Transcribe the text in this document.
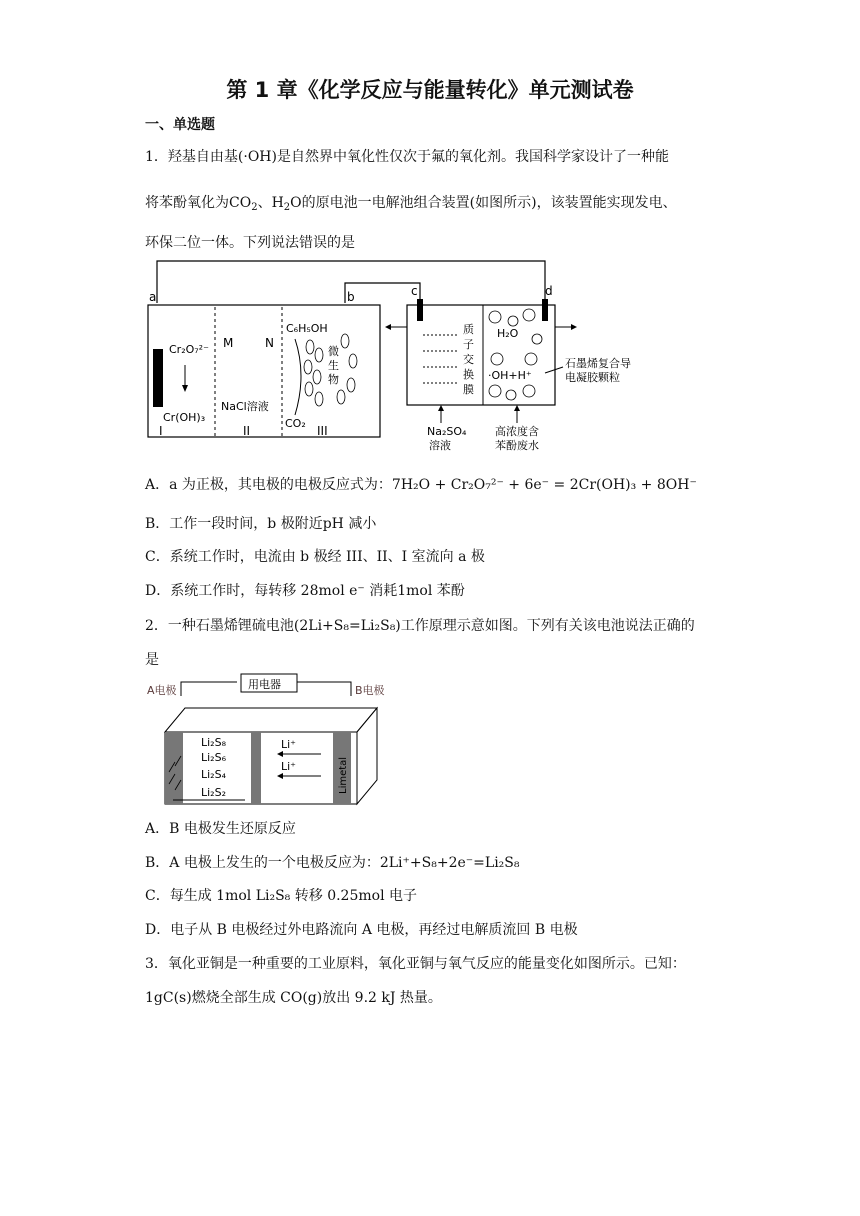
第 1 章《化学反应与能量转化》单元测试卷
一、单选题
1．羟基自由基(·OH)是自然界中氧化性仅次于氟的氧化剂。我国科学家设计了一种能
将苯酚氧化为$CO_2$、$H_2O$的原电池一电解池组合装置(如图所示)，该装置能实现发电、
环保二位一体。下列说法错误的是
a	b
Cr₂O₇²⁻
Cr(OH)₃
M	N
NaCl溶液
C₆H₅OH
微
生
物
CO₂
I	II	III
c	d
质
子
交
换
膜
H₂O
·OH+H⁺
石墨烯复合导
电凝胶颗粒
Na₂SO₄
溶液
高浓度含
苯酚废水
A．a 为正极，其电极的电极反应式为：7H₂O + Cr₂O₇²⁻ + 6e⁻ = 2Cr(OH)₃ + 8OH⁻
B．工作一段时间，b 极附近pH 减小
C．系统工作时，电流由 b 极经 III、II、I 室流向 a 极
D．系统工作时，每转移 28mol e⁻ 消耗1mol 苯酚
2．一种石墨烯锂硫电池(2Li+S₈=Li₂S₈)工作原理示意如图。下列有关该电池说法正确的
是
用电器
A电极	B电极
Li₂S₈
Li₂S₆
Li₂S₄
Li₂S₂
Li⁺
Li⁺	Limetal
A．B 电极发生还原反应
B．A 电极上发生的一个电极反应为：2Li⁺+S₈+2e⁻=Li₂S₈
C．每生成 1mol Li₂S₈ 转移 0.25mol 电子
D．电子从 B 电极经过外电路流向 A 电极，再经过电解质流回 B 电极
3．氧化亚铜是一种重要的工业原料，氧化亚铜与氧气反应的能量变化如图所示。已知：
1gC(s)燃烧全部生成 CO(g)放出 9.2 kJ 热量。
